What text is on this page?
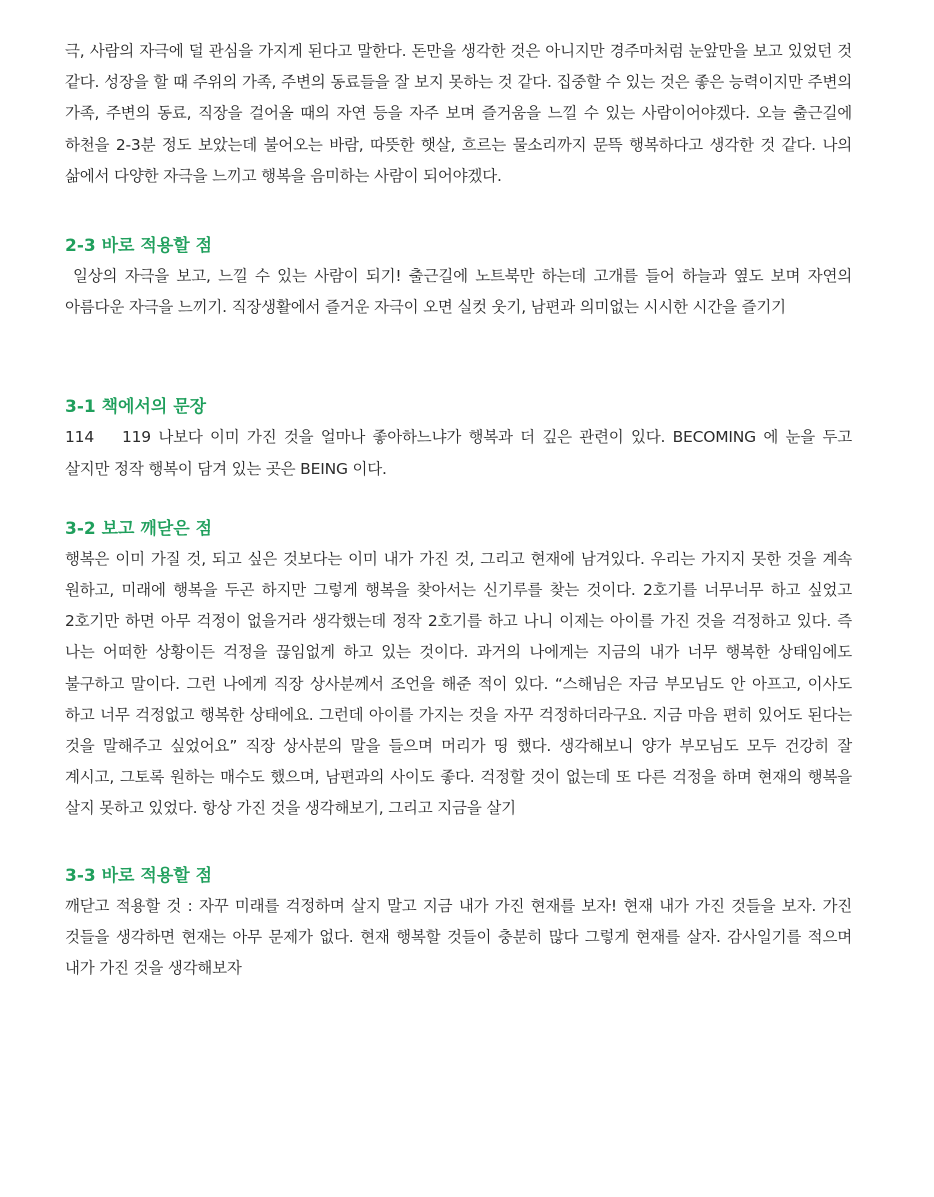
극, 사람의 자극에 덜 관심을 가지게 된다고 말한다. 돈만을 생각한 것은 아니지만 경주마처럼 눈앞만을 보고 있었던 것 같다. 성장을 할 때 주위의 가족, 주변의 동료들을 잘 보지 못하는 것 같다. 집중할 수 있는 것은 좋은 능력이지만 주변의 가족, 주변의 동료, 직장을 걸어올 때의 자연 등을 자주 보며 즐거움을 느낄 수 있는 사람이어야겠다. 오늘 출근길에 하천을 2-3분 정도 보았는데 불어오는 바람, 따뜻한 햇살, 흐르는 물소리까지 문뜩 행복하다고 생각한 것 같다. 나의 삶에서 다양한 자극을 느끼고 행복을 음미하는 사람이 되어야겠다.

2-3 바로 적용할 점

일상의 자극을 보고, 느낄 수 있는 사람이 되기! 출근길에 노트북만 하는데 고개를 들어 하늘과 옆도 보며 자연의 아름다운 자극을 느끼기. 직장생활에서 즐거운 자극이 오면 실컷 웃기, 남편과 의미없는 시시한 시간을 즐기기

3-1 책에서의 문장

114　 119 나보다 이미 가진 것을 얼마나 좋아하느냐가 행복과 더 깊은 관련이 있다. BECOMING 에 눈을 두고 살지만 정작 행복이 담겨 있는 곳은 BEING 이다.

3-2 보고 깨닫은 점

행복은 이미 가질 것, 되고 싶은 것보다는 이미 내가 가진 것, 그리고 현재에 남겨있다. 우리는 가지지 못한 것을 계속 원하고, 미래에 행복을 두곤 하지만 그렇게 행복을 찾아서는 신기루를 찾는 것이다. 2호기를 너무너무 하고 싶었고 2호기만 하면 아무 걱정이 없을거라 생각했는데 정작 2호기를 하고 나니 이제는 아이를 가진 것을 걱정하고 있다. 즉 나는 어떠한 상황이든 걱정을 끊임없게 하고 있는 것이다. 과거의 나에게는 지금의 내가 너무 행복한 상태임에도 불구하고 말이다. 그런 나에게 직장 상사분께서 조언을 해준 적이 있다. “스해님은 자금 부모님도 안 아프고, 이사도 하고 너무 걱정없고 행복한 상태에요. 그런데 아이를 가지는 것을 자꾸 걱정하더라구요. 지금 마음 편히 있어도 된다는 것을 말해주고 싶었어요” 직장 상사분의 말을 들으며 머리가 띵 했다. 생각해보니 양가 부모님도 모두 건강히 잘 계시고, 그토록 원하는 매수도 했으며, 남편과의 사이도 좋다. 걱정할 것이 없는데 또 다른 걱정을 하며 현재의 행복을 살지 못하고 있었다. 항상 가진 것을 생각해보기, 그리고 지금을 살기

3-3 바로 적용할 점

깨닫고 적용할 것 : 자꾸 미래를 걱정하며 살지 말고 지금 내가 가진 현재를 보자! 현재 내가 가진 것들을 보자. 가진 것들을 생각하면 현재는 아무 문제가 없다. 현재 행복할 것들이 충분히 많다 그렇게 현재를 살자. 감사일기를 적으며 내가 가진 것을 생각해보자
